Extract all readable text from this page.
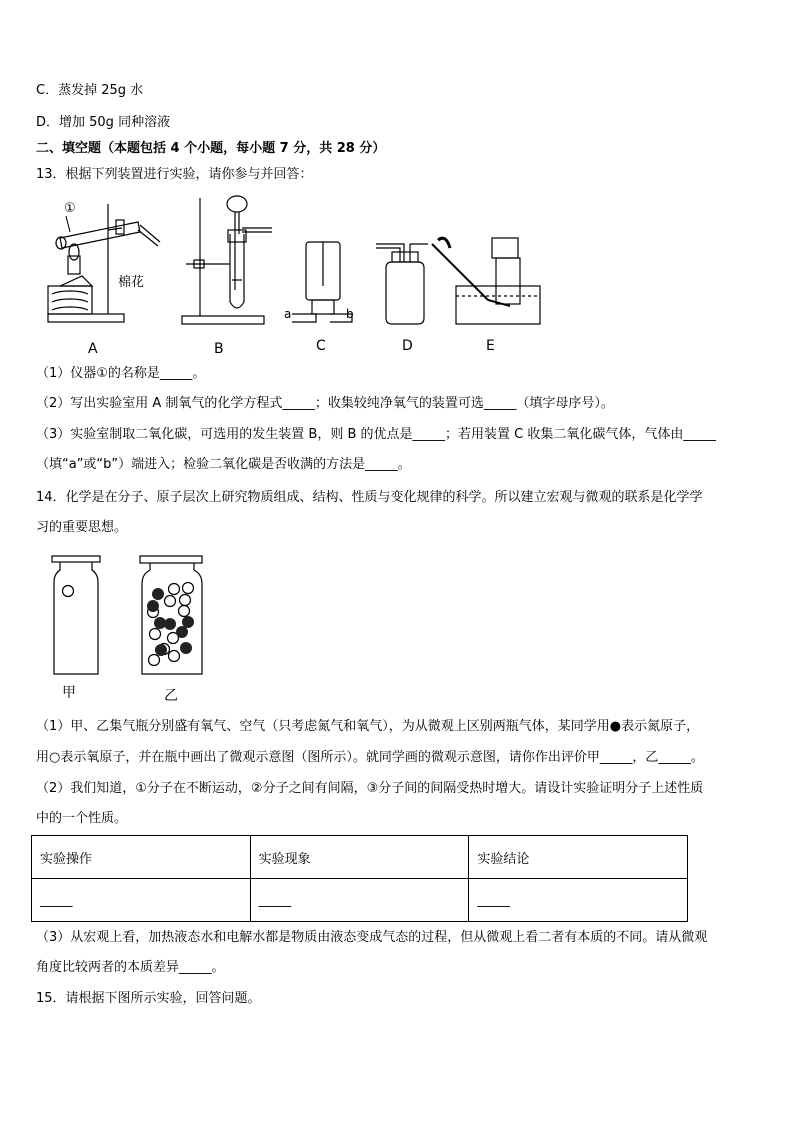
C．蒸发掉 25g 水
D．增加 50g 同种溶液
二、填空题（本题包括 4 个小题，每小题 7 分，共 28 分）
13．根据下列装置进行实验，请你参与并回答：
①
棉花
a	b
A	B	C	D	E
（1）仪器①的名称是_____。
（2）写出实验室用 A 制氧气的化学方程式_____；收集较纯净氧气的装置可选_____（填字母序号）。
（3）实验室制取二氧化碳，可选用的发生装置 B，则 B 的优点是_____；若用装置 C 收集二氧化碳气体，气体由_____
（填“a”或“b”）端进入；检验二氧化碳是否收满的方法是_____。
14．化学是在分子、原子层次上研究物质组成、结构、性质与变化规律的科学。所以建立宏观与微观的联系是化学学
习的重要思想。
甲	乙
（1）甲、乙集气瓶分别盛有氧气、空气（只考虑氮气和氧气），为从微观上区别两瓶气体，某同学用●表示氮原子，
用○表示氧原子，并在瓶中画出了微观示意图（图所示）。就同学画的微观示意图，请你作出评价甲_____，乙_____。
（2）我们知道，①分子在不断运动，②分子之间有间隔，③分子间的间隔受热时增大。请设计实验证明分子上述性质
中的一个性质。
实验操作	实验现象	实验结论
_____	_____	_____
（3）从宏观上看，加热液态水和电解水都是物质由液态变成气态的过程，但从微观上看二者有本质的不同。请从微观
角度比较两者的本质差异_____。
15．请根据下图所示实验，回答问题。
